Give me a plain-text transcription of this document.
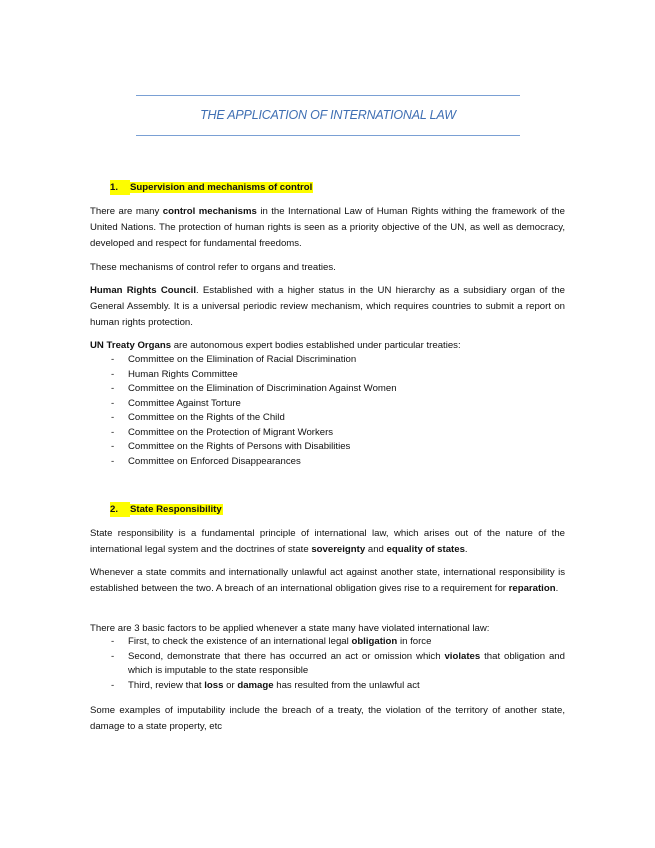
THE APPLICATION OF INTERNATIONAL LAW
1. Supervision and mechanisms of control

There are many control mechanisms in the International Law of Human Rights withing the framework of the United Nations. The protection of human rights is seen as a priority objective of the UN, as well as democracy, developed and respect for fundamental freedoms.

These mechanisms of control refer to organs and treaties.

Human Rights Council. Established with a higher status in the UN hierarchy as a subsidiary organ of the General Assembly. It is a universal periodic review mechanism, which requires countries to submit a report on human rights protection.

UN Treaty Organs are autonomous expert bodies established under particular treaties:

- Committee on the Elimination of Racial Discrimination
- Human Rights Committee
- Committee on the Elimination of Discrimination Against Women
- Committee Against Torture
- Committee on the Rights of the Child
- Committee on the Protection of Migrant Workers
- Committee on the Rights of Persons with Disabilities
- Committee on Enforced Disappearances
2. State Responsibility

State responsibility is a fundamental principle of international law, which arises out of the nature of the international legal system and the doctrines of state sovereignty and equality of states.

Whenever a state commits and internationally unlawful act against another state, international responsibility is established between the two. A breach of an international obligation gives rise to a requirement for reparation.

There are 3 basic factors to be applied whenever a state many have violated international law:

- First, to check the existence of an international legal obligation in force
- Second, demonstrate that there has occurred an act or omission which violates that obligation and which is imputable to the state responsible
- Third, review that loss or damage has resulted from the unlawful act

Some examples of imputability include the breach of a treaty, the violation of the territory of another state, damage to a state property, etc
